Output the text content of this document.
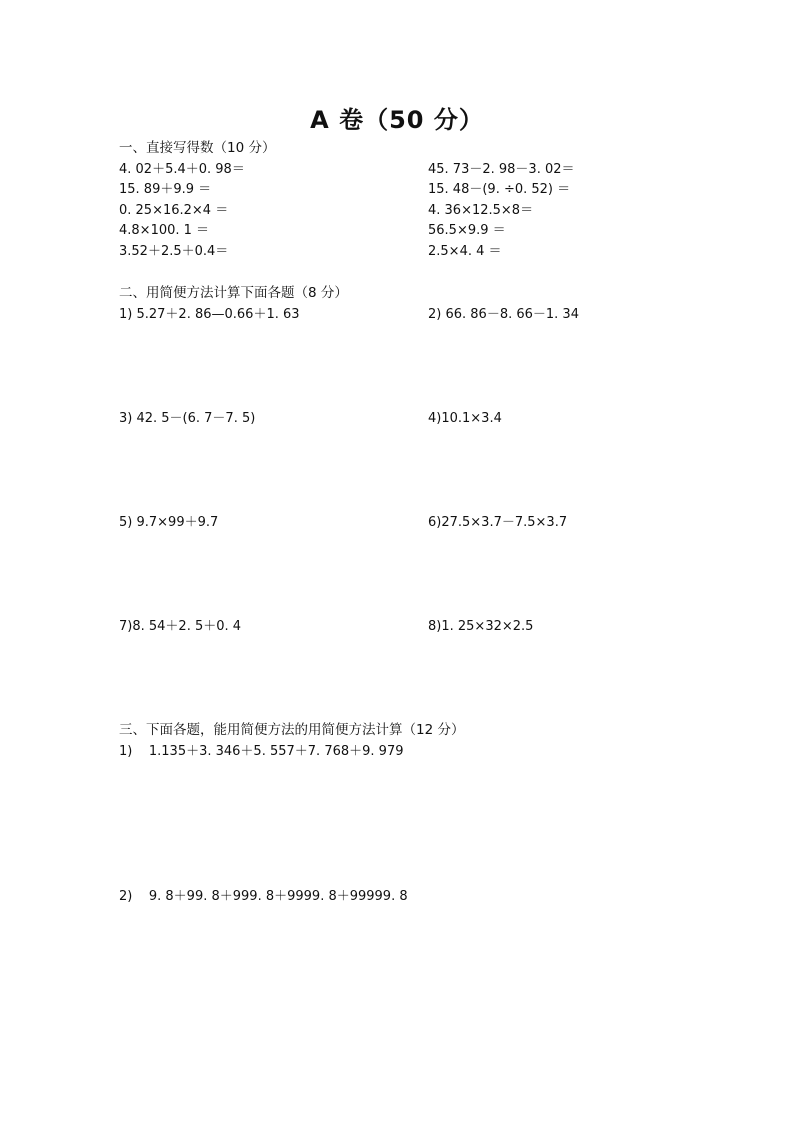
A 卷（50 分）
一、直接写得数（10 分）
4. 02＋5.4＋0. 98＝	45. 73－2. 98－3. 02＝
15. 89＋9.9 ＝	15. 48－(9. ÷0. 52) ＝
0. 25×16.2×4 ＝	4. 36×12.5×8＝
4.8×100. 1 ＝	56.5×9.9 ＝
3.52＋2.5＋0.4＝	2.5×4. 4 ＝
二、用简便方法计算下面各题（8 分）
1) 5.27＋2. 86—0.66＋1. 63	2) 66. 86－8. 66－1. 34
3) 42. 5－(6. 7－7. 5)	4)10.1×3.4
5) 9.7×99＋9.7	6)27.5×3.7－7.5×3.7
7)8. 54＋2. 5＋0. 4	8)1. 25×32×2.5
三、下面各题，能用简便方法的用简便方法计算（12 分）
1)    1.135＋3. 346＋5. 557＋7. 768＋9. 979
2)    9. 8＋99. 8＋999. 8＋9999. 8＋99999. 8
